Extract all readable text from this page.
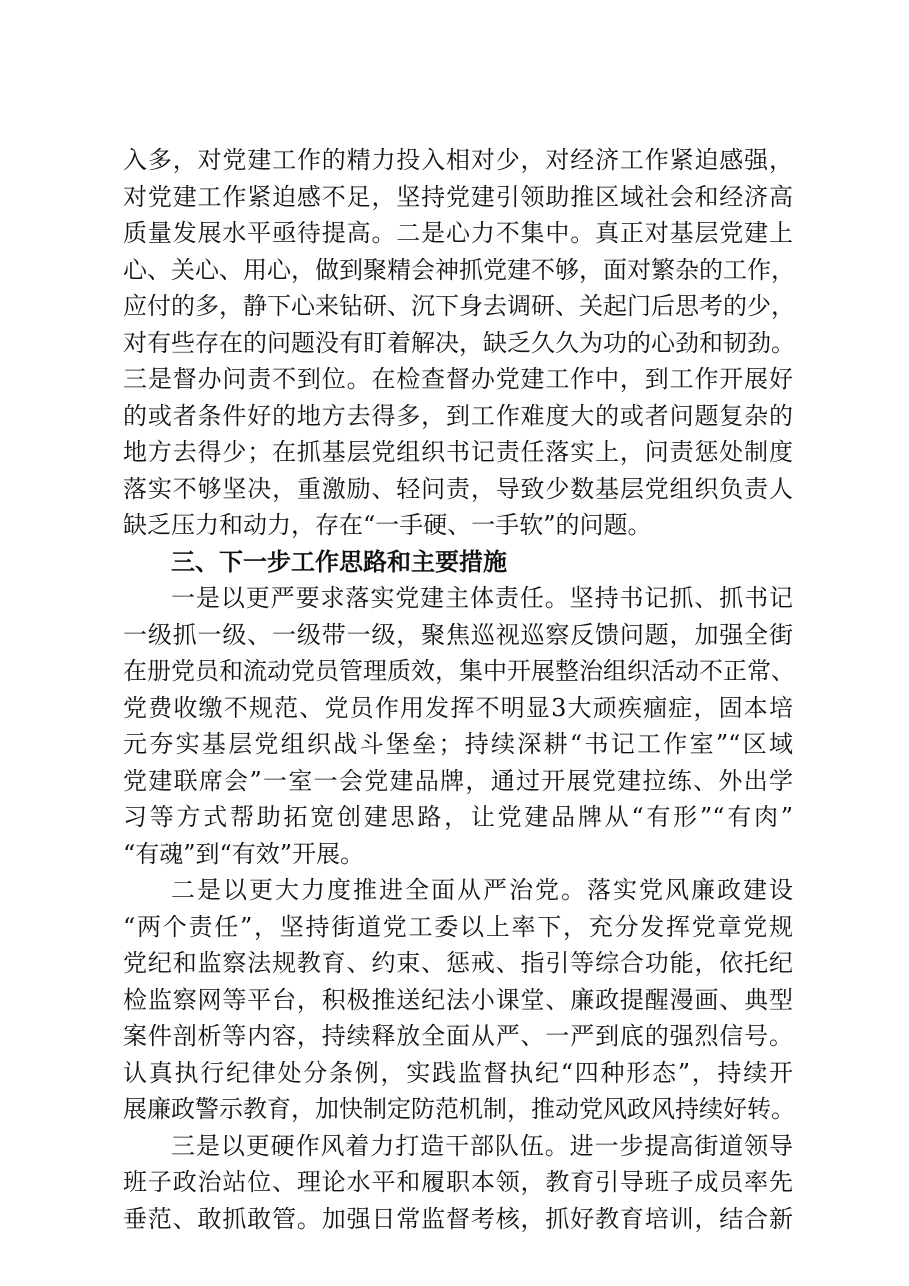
入多，对党建工作的精力投入相对少，对经济工作紧迫感强，
对党建工作紧迫感不足，坚持党建引领助推区域社会和经济高
质量发展水平亟待提高。二是心力不集中。真正对基层党建上
心、关心、用心，做到聚精会神抓党建不够，面对繁杂的工作，
应付的多，静下心来钻研、沉下身去调研、关起门后思考的少，
对有些存在的问题没有盯着解决，缺乏久久为功的心劲和韧劲。
三是督办问责不到位。在检查督办党建工作中，到工作开展好
的或者条件好的地方去得多，到工作难度大的或者问题复杂的
地方去得少；在抓基层党组织书记责任落实上，问责惩处制度
落实不够坚决，重激励、轻问责，导致少数基层党组织负责人
缺乏压力和动力，存在“一手硬、一手软”的问题。
三、下一步工作思路和主要措施
一是以更严要求落实党建主体责任。坚持书记抓、抓书记
一级抓一级、一级带一级，聚焦巡视巡察反馈问题，加强全街
在册党员和流动党员管理质效，集中开展整治组织活动不正常、
党费收缴不规范、党员作用发挥不明显3大顽疾痼症，固本培
元夯实基层党组织战斗堡垒；持续深耕“书记工作室”“区域
党建联席会”一室一会党建品牌，通过开展党建拉练、外出学
习等方式帮助拓宽创建思路，让党建品牌从“有形”“有肉”
“有魂”到“有效”开展。
二是以更大力度推进全面从严治党。落实党风廉政建设
“两个责任”，坚持街道党工委以上率下，充分发挥党章党规
党纪和监察法规教育、约束、惩戒、指引等综合功能，依托纪
检监察网等平台，积极推送纪法小课堂、廉政提醒漫画、典型
案件剖析等内容，持续释放全面从严、一严到底的强烈信号。
认真执行纪律处分条例，实践监督执纪“四种形态”，持续开
展廉政警示教育，加快制定防范机制，推动党风政风持续好转。
三是以更硬作风着力打造干部队伍。进一步提高街道领导
班子政治站位、理论水平和履职本领，教育引导班子成员率先
垂范、敢抓敢管。加强日常监督考核，抓好教育培训，结合新
